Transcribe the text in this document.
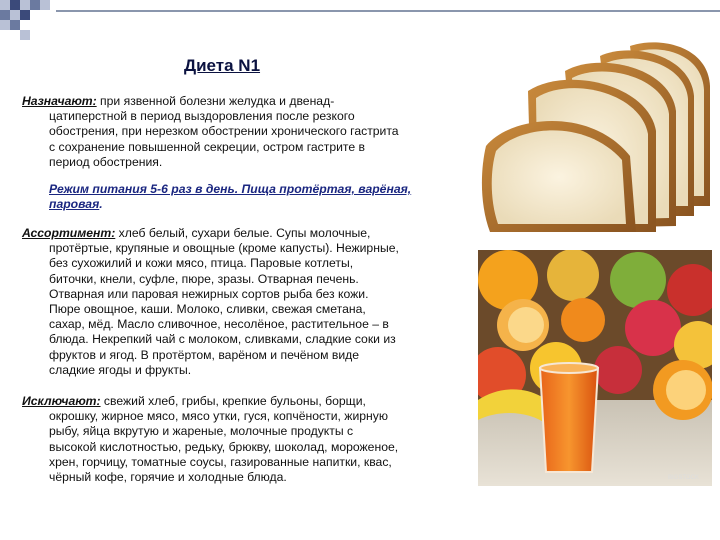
Диета N1
Назначают: при язвенной болезни желудка и двенад-
цатиперстной в период выздоровления после резкого
обострения, при нерезком обострении хронического гастрита
с сохранение повышенной секреции, остром гастрите в
период обострения.
Режим питания 5-6 раз в день. Пища протёртая, варёная,
паровая.
Ассортимент: хлеб белый, сухари белые. Супы молочные,
протёртые, крупяные и овощные (кроме капусты). Нежирные,
без сухожилий и кожи мясо, птица. Паровые котлеты,
биточки, кнели, суфле, пюре, зразы. Отварная печень.
Отварная или паровая нежирных сортов рыба без кожи.
Пюре овощное, каши. Молоко, сливки, свежая сметана,
сахар, мёд. Масло сливочное, несолёное, растительное – в
блюда. Некрепкий чай с молоком, сливками, сладкие соки из
фруктов и ягод. В протёртом, варёном и печёном виде
сладкие ягоды и фрукты.
Исключают: свежий хлеб, грибы, крепкие бульоны, борщи,
окрошку, жирное мясо, мясо утки, гуся, копчёности, жирную
рыбу, яйца вкрутую и жареные, молочные продукты с
высокой кислотностью, редьку, брюкву, шоколад, мороженое,
хрен, горчицу, томатные соусы, газированные напитки, квас,
чёрный кофе, горячие и холодные блюда.	BIGSTOCK
